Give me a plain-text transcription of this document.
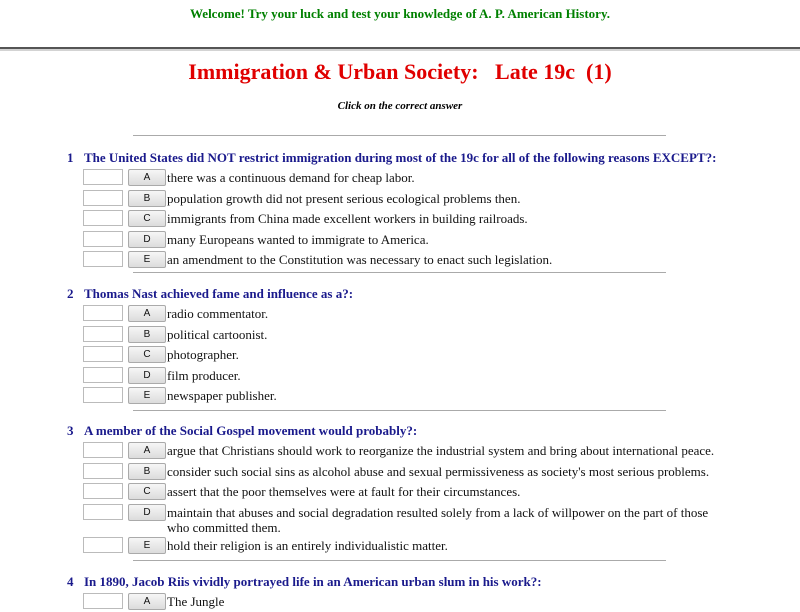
Welcome! Try your luck and test your knowledge of A. P. American History.
Immigration & Urban Society:   Late 19c  (1)
Click on the correct answer
1 The United States did NOT restrict immigration during most of the 19c for all of the following reasons EXCEPT?:
A	there was a continuous demand for cheap labor.
B	population growth did not present serious ecological problems then.
C	immigrants from China made excellent workers in building railroads.
D	many Europeans wanted to immigrate to America.
E	an amendment to the Constitution was necessary to enact such legislation.
2 Thomas Nast achieved fame and influence as a?:
A	radio commentator.
B	political cartoonist.
C	photographer.
D	film producer.
E	newspaper publisher.
3 A member of the Social Gospel movement would probably?:
A	argue that Christians should work to reorganize the industrial system and bring about international peace.
B	consider such social sins as alcohol abuse and sexual permissiveness as society's most serious problems.
C	assert that the poor themselves were at fault for their circumstances.
D	maintain that abuses and social degradation resulted solely from a lack of willpower on the part of those who committed them.
E	hold their religion is an entirely individualistic matter.
4 In 1890, Jacob Riis vividly portrayed life in an American urban slum in his work?:
A	The Jungle
